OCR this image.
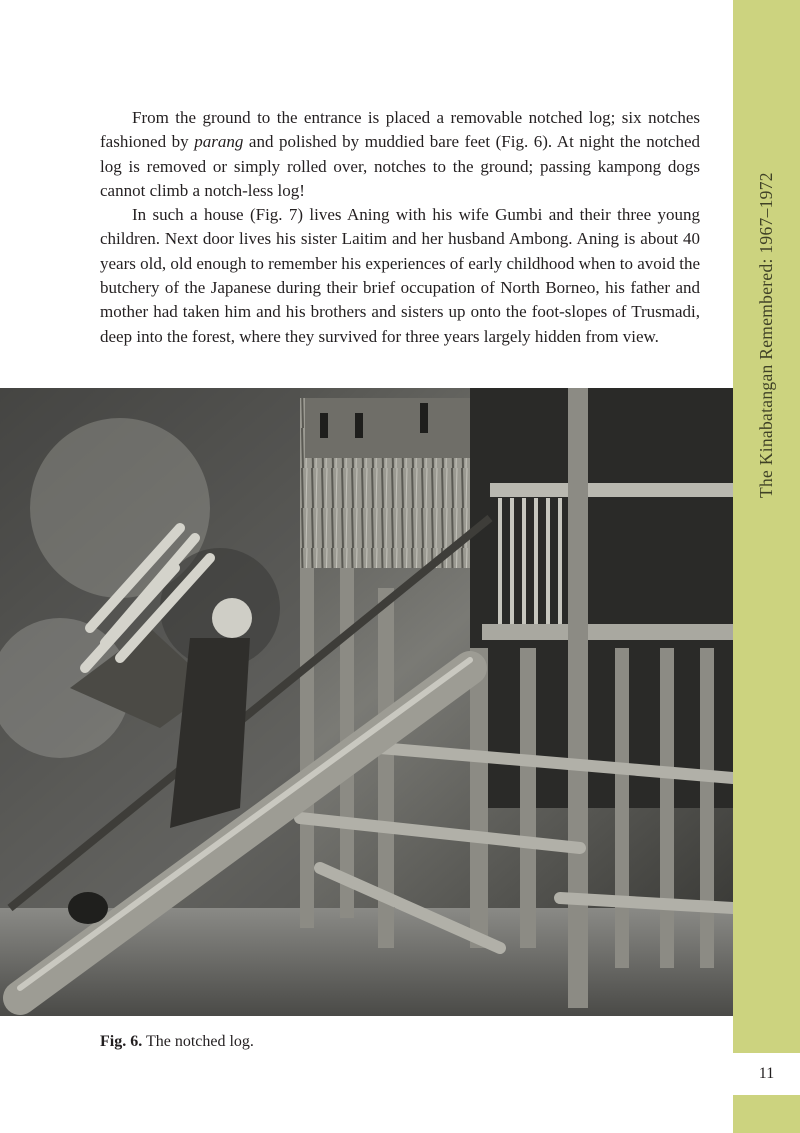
11

From the ground to the entrance is placed a removable notched log; six notches fashioned by parang and polished by muddied bare feet (Fig. 6). At night the notched log is removed or simply rolled over, notches to the ground; passing kampong dogs cannot climb a notch-less log!

In such a house (Fig. 7) lives Aning with his wife Gumbi and their three young children. Next door lives his sister Laitim and her husband Ambong. Aning is about 40 years old, old enough to remember his experiences of early childhood when to avoid the butchery of the Japanese during their brief occupation of North Borneo, his father and mother had taken him and his brothers and sisters up onto the foot-slopes of Trusmadi, deep into the forest, where they survived for three years largely hidden from view.

Fig. 6. The notched log.
